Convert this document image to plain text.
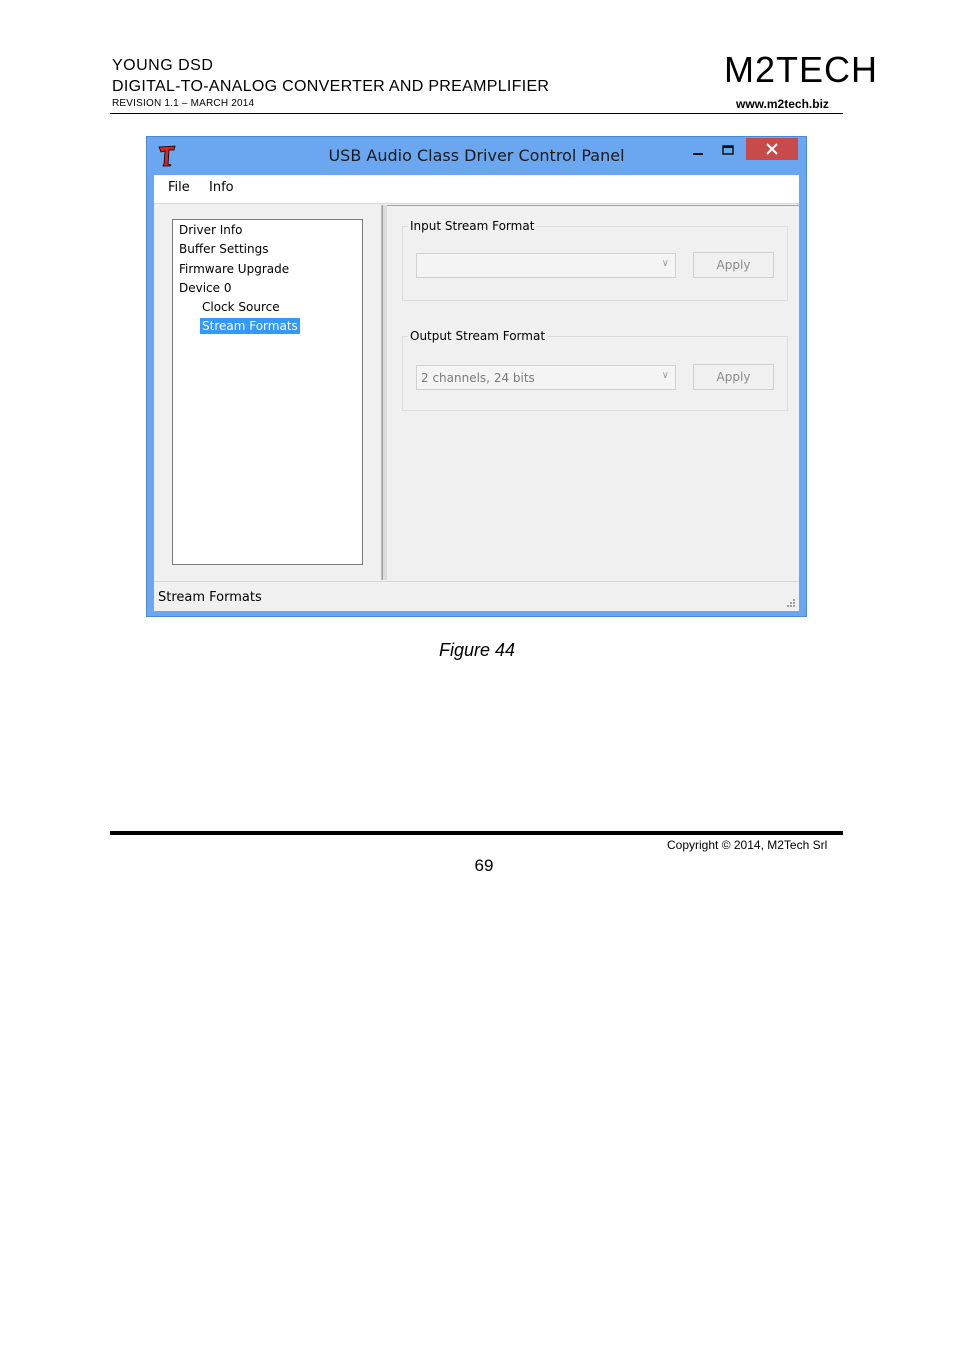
YOUNG DSD
DIGITAL-TO-ANALOG CONVERTER AND PREAMPLIFIER
REVISION 1.1 – MARCH 2014
M2TECH
www.m2tech.biz
USB Audio Class Driver Control Panel
File Info
Driver Info
Buffer Settings
Firmware Upgrade
Device 0
Clock Source
Stream Formats
Input Stream Format
∨	Apply
Output Stream Format
2 channels, 24 bits	∨	Apply
Stream Formats
Figure 44
Copyright © 2014, M2Tech Srl
69
